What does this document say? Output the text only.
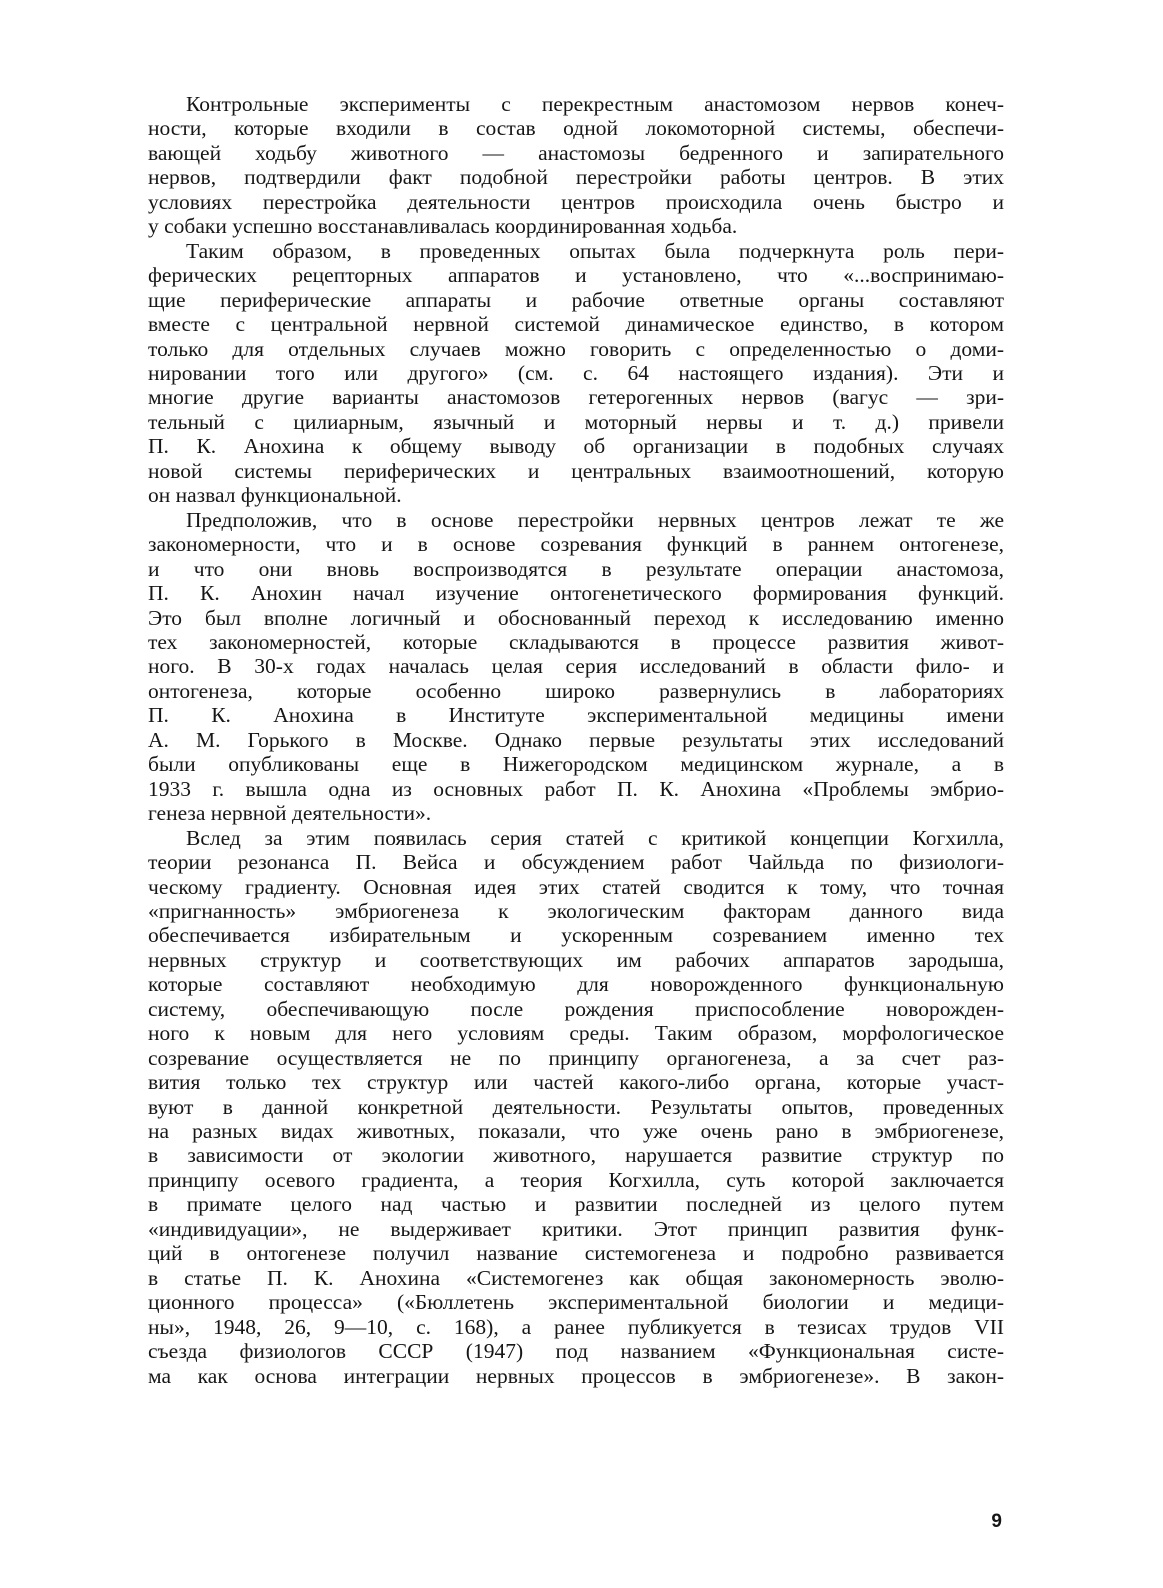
Контрольные эксперименты с перекрестным анастомозом нервов конеч-
ности, которые входили в состав одной локомоторной системы, обеспечи-
вающей ходьбу животного — анастомозы бедренного и запирательного
нервов, подтвердили факт подобной перестройки работы центров. В этих
условиях перестройка деятельности центров происходила очень быстро и
у собаки успешно восстанавливалась координированная ходьба.

Таким образом, в проведенных опытах была подчеркнута роль пери-
ферических рецепторных аппаратов и установлено, что «...воспринимаю-
щие периферические аппараты и рабочие ответные органы составляют
вместе с центральной нервной системой динамическое единство, в котором
только для отдельных случаев можно говорить с определенностью о доми-
нировании того или другого» (см. с. 64 настоящего издания). Эти и
многие другие варианты анастомозов гетерогенных нервов (вагус — зри-
тельный с цилиарным, язычный и моторный нервы и т. д.) привели
П. К. Анохина к общему выводу об организации в подобных случаях
новой системы периферических и центральных взаимоотношений, которую
он назвал функциональной.

Предположив, что в основе перестройки нервных центров лежат те же
закономерности, что и в основе созревания функций в раннем онтогенезе,
и что они вновь воспроизводятся в результате операции анастомоза,
П. К. Анохин начал изучение онтогенетического формирования функций.
Это был вполне логичный и обоснованный переход к исследованию именно
тех закономерностей, которые складываются в процессе развития живот-
ного. В 30-х годах началась целая серия исследований в области фило- и
онтогенеза, которые особенно широко развернулись в лабораториях
П. К. Анохина в Институте экспериментальной медицины имени
А. М. Горького в Москве. Однако первые результаты этих исследований
были опубликованы еще в Нижегородском медицинском журнале, а в
1933 г. вышла одна из основных работ П. К. Анохина «Проблемы эмбрио-
генеза нервной деятельности».

Вслед за этим появилась серия статей с критикой концепции Когхилла,
теории резонанса П. Вейса и обсуждением работ Чайльда по физиологи-
ческому градиенту. Основная идея этих статей сводится к тому, что точная
«пригнанность» эмбриогенеза к экологическим факторам данного вида
обеспечивается избирательным и ускоренным созреванием именно тех
нервных структур и соответствующих им рабочих аппаратов зародыша,
которые составляют необходимую для новорожденного функциональную
систему, обеспечивающую после рождения приспособление новорожден-
ного к новым для него условиям среды. Таким образом, морфологическое
созревание осуществляется не по принципу органогенеза, а за счет раз-
вития только тех структур или частей какого-либо органа, которые участ-
вуют в данной конкретной деятельности. Результаты опытов, проведенных
на разных видах животных, показали, что уже очень рано в эмбриогенезе,
в зависимости от экологии животного, нарушается развитие структур по
принципу осевого градиента, а теория Когхилла, суть которой заключается
в примате целого над частью и развитии последней из целого путем
«индивидуации», не выдерживает критики. Этот принцип развития функ-
ций в онтогенезе получил название системогенеза и подробно развивается
в статье П. К. Анохина «Системогенез как общая закономерность эволю-
ционного процесса» («Бюллетень экспериментальной биологии и медици-
ны», 1948, 26, 9—10, с. 168), а ранее публикуется в тезисах трудов VII
съезда физиологов СССР (1947) под названием «Функциональная систе-
ма как основа интеграции нервных процессов в эмбриогенезе». В закон-

9
